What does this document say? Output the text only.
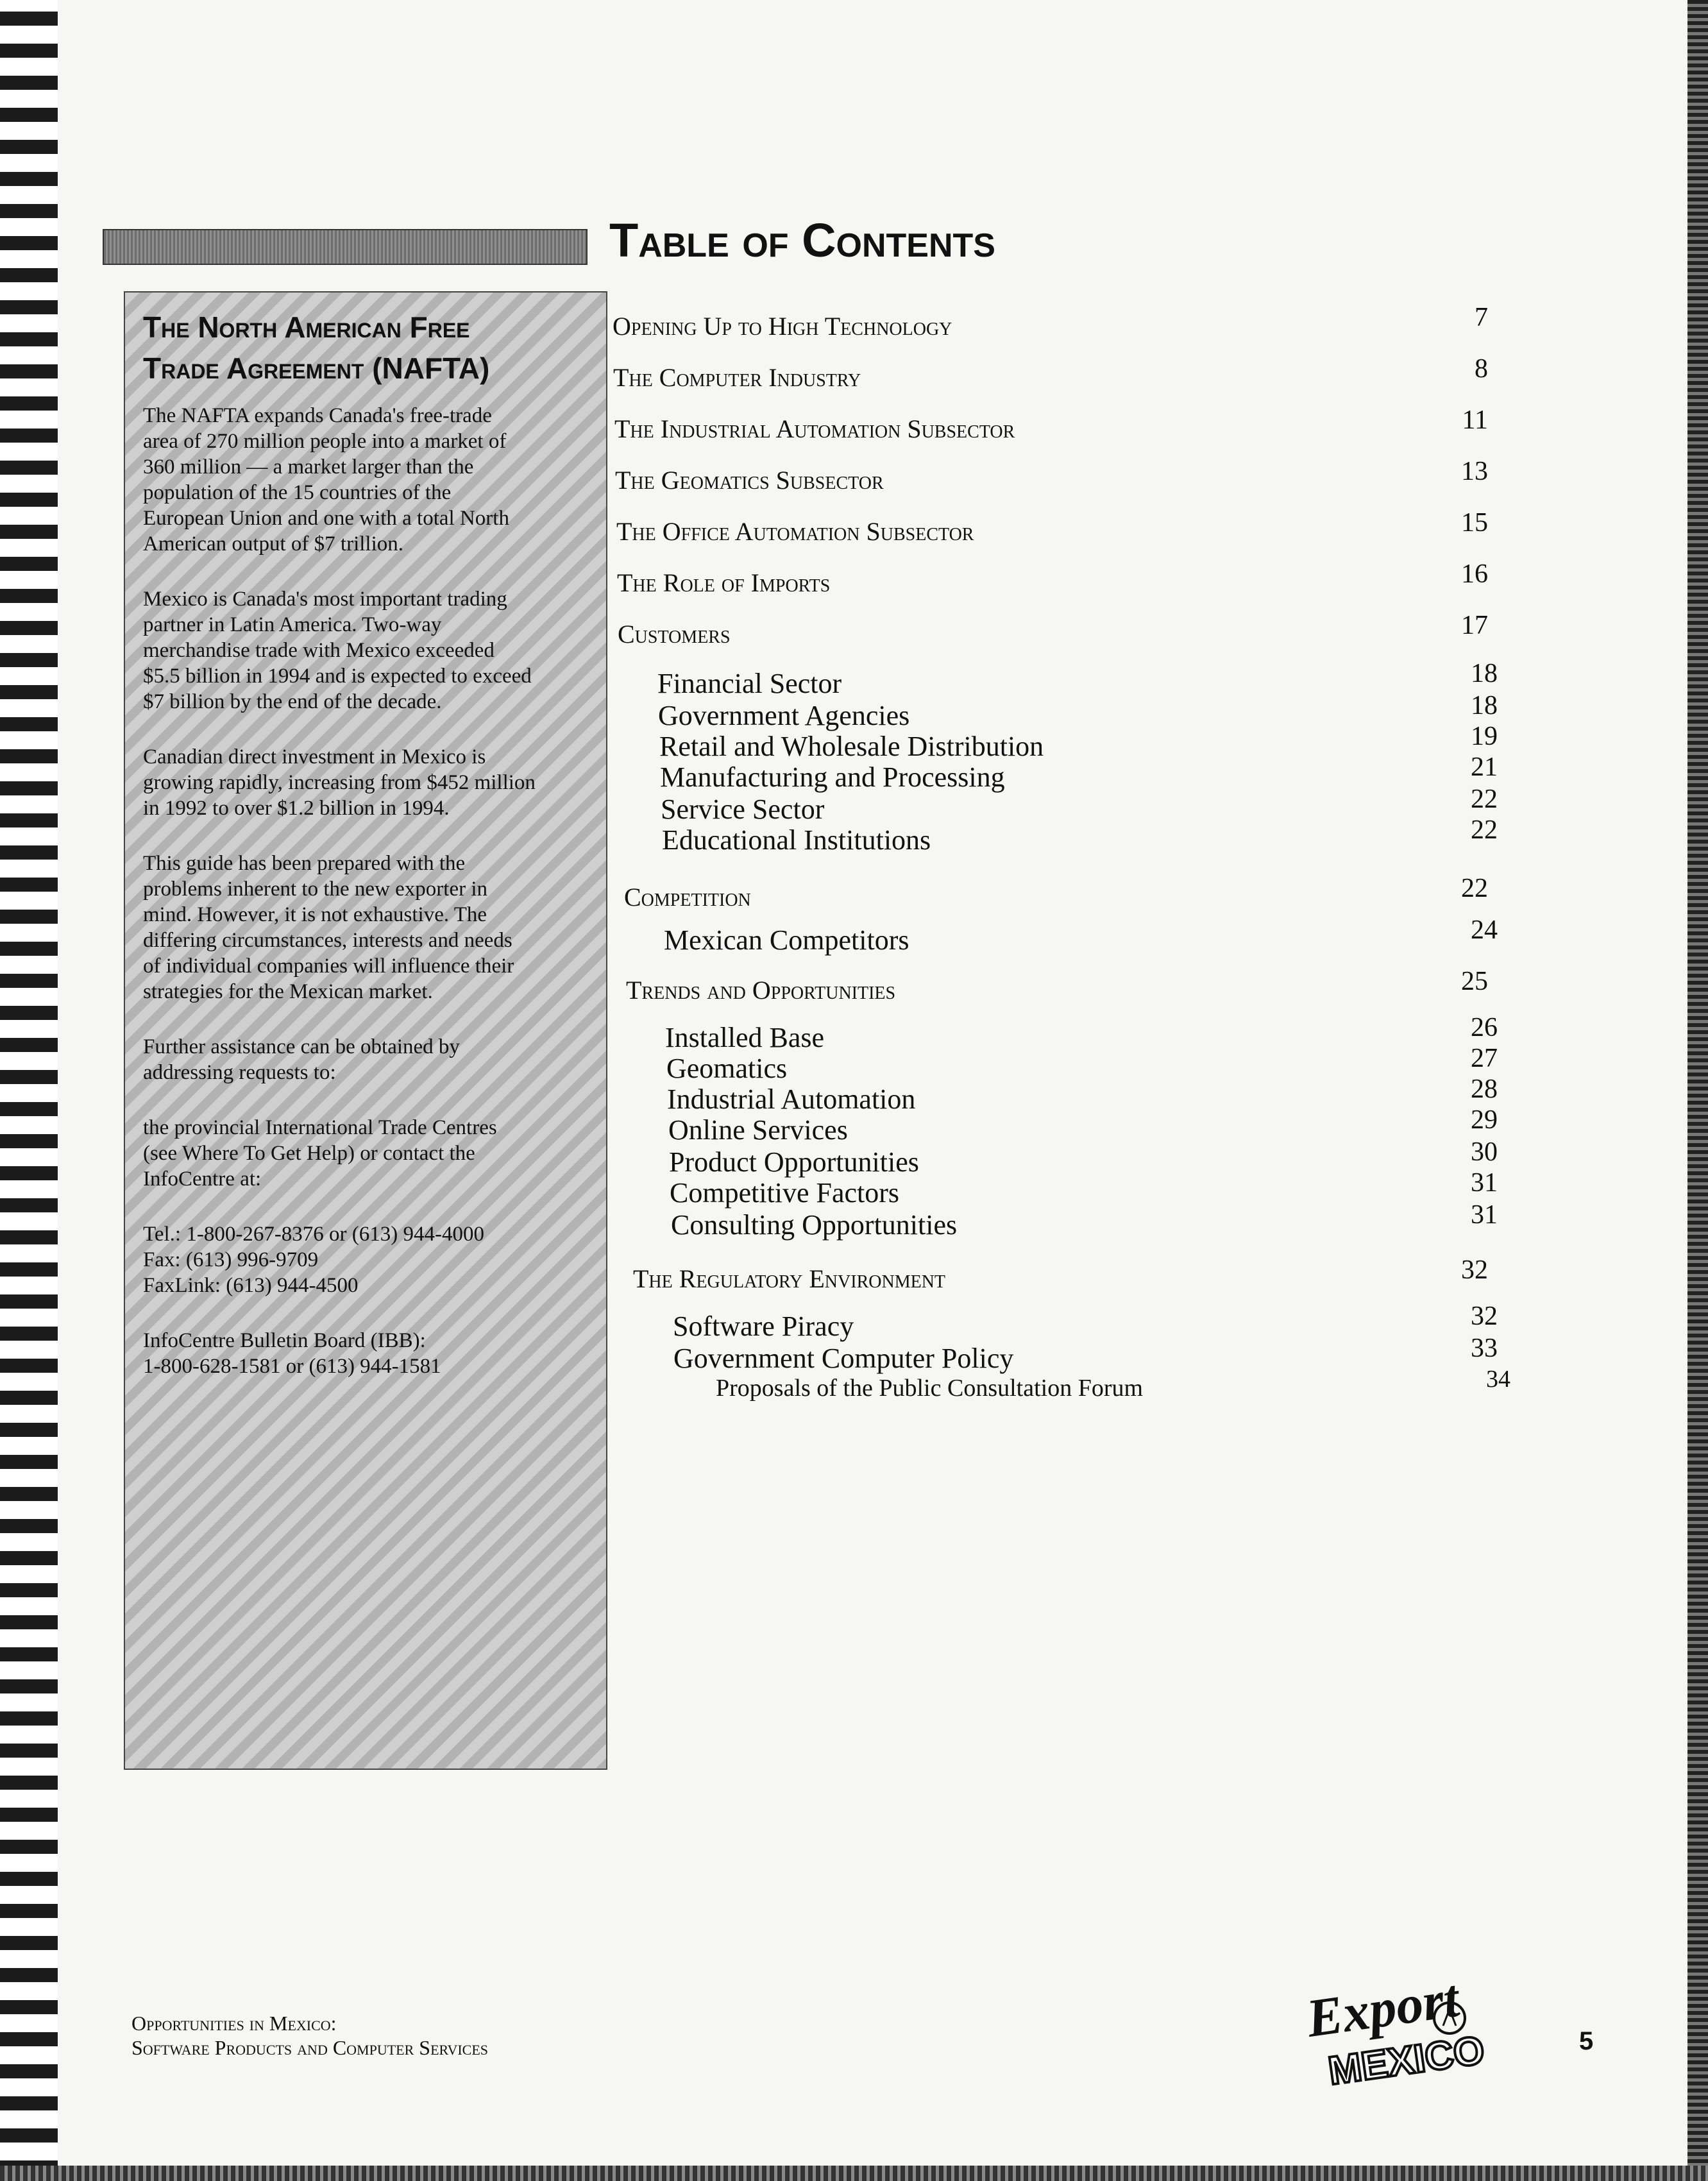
The North American Free
Trade Agreement (NAFTA)

The NAFTA expands Canada's free-trade
area of 270 million people into a market of
360 million — a market larger than the
population of the 15 countries of the
European Union and one with a total North
American output of $7 trillion.

Mexico is Canada's most important trading
partner in Latin America. Two-way
merchandise trade with Mexico exceeded
$5.5 billion in 1994 and is expected to exceed
$7 billion by the end of the decade.

Canadian direct investment in Mexico is
growing rapidly, increasing from $452 million
in 1992 to over $1.2 billion in 1994.

This guide has been prepared with the
problems inherent to the new exporter in
mind. However, it is not exhaustive. The
differing circumstances, interests and needs
of individual companies will influence their
strategies for the Mexican market.

Further assistance can be obtained by
addressing requests to:

the provincial International Trade Centres
(see Where To Get Help) or contact the
InfoCentre at:

Tel.: 1-800-267-8376 or (613) 944-4000
Fax: (613) 996-9709
FaxLink: (613) 944-4500

InfoCentre Bulletin Board (IBB):
1-800-628-1581 or (613) 944-1581

Table of Contents
Opening Up to High Technology	7
The Computer Industry	8
The Industrial Automation Subsector	11
The Geomatics Subsector	13
The Office Automation Subsector	15
The Role of Imports	16
Customers	17
Financial Sector	18
Government Agencies	18
Retail and Wholesale Distribution	19
Manufacturing and Processing	21
Service Sector	22
Educational Institutions	22
Competition	22
Mexican Competitors	24
Trends and Opportunities	25
Installed Base	26
Geomatics	27
Industrial Automation	28
Online Services	29
Product Opportunities	30
Competitive Factors	31
Consulting Opportunities	31
The Regulatory Environment	32
Software Piracy	32
Government Computer Policy	33
Proposals of the Public Consultation Forum	34
Opportunities in Mexico:
Software Products and Computer Services	Export
MEXICO	5
